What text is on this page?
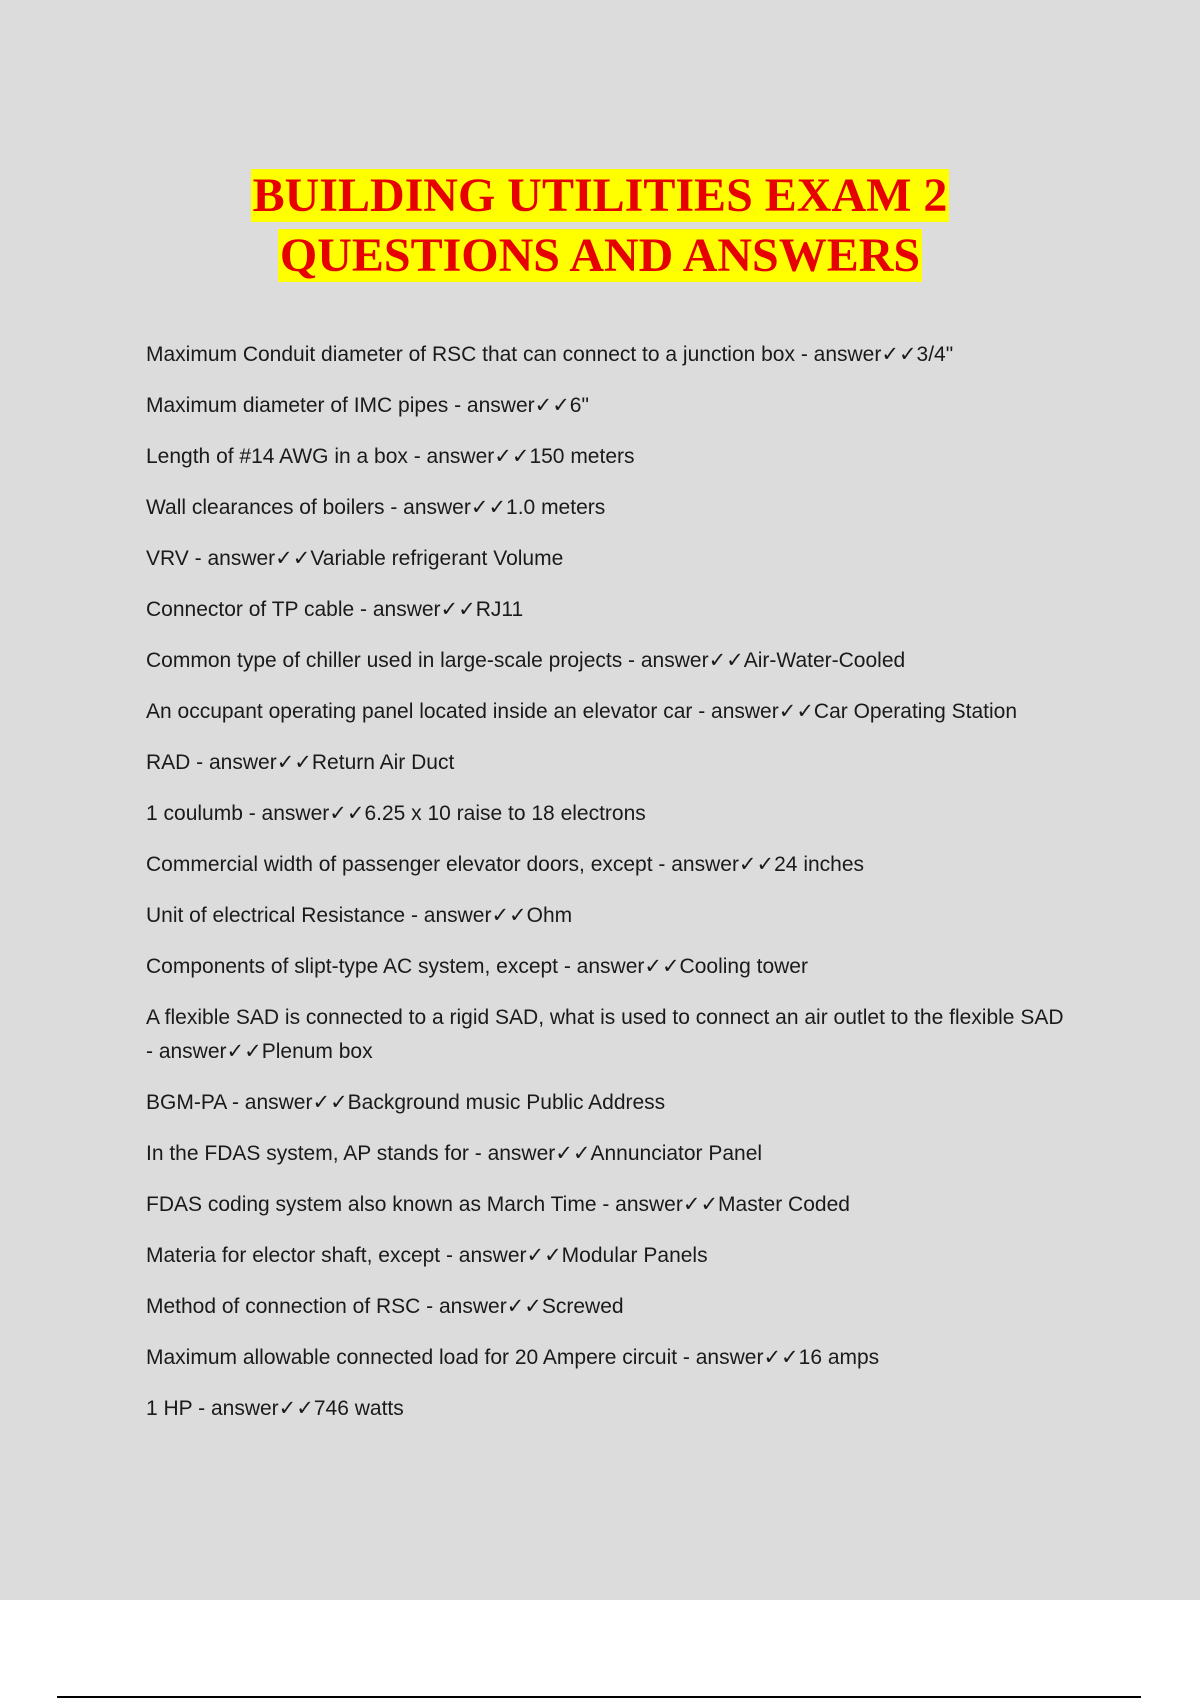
BUILDING UTILITIES EXAM 2
QUESTIONS AND ANSWERS
Maximum Conduit diameter of RSC that can connect to a junction box - answer✓✓3/4"
Maximum diameter of IMC pipes - answer✓✓6"
Length of #14 AWG in a box - answer✓✓150 meters
Wall clearances of boilers - answer✓✓1.0 meters
VRV - answer✓✓Variable refrigerant Volume
Connector of TP cable - answer✓✓RJ11
Common type of chiller used in large-scale projects - answer✓✓Air-Water-Cooled
An occupant operating panel located inside an elevator car - answer✓✓Car Operating Station
RAD - answer✓✓Return Air Duct
1 coulumb - answer✓✓6.25 x 10 raise to 18 electrons
Commercial width of passenger elevator doors, except - answer✓✓24 inches
Unit of electrical Resistance - answer✓✓Ohm
Components of slipt-type AC system, except - answer✓✓Cooling tower
A flexible SAD is connected to a rigid SAD, what is used to connect an air outlet to the flexible SAD - answer✓✓Plenum box
BGM-PA - answer✓✓Background music Public Address
In the FDAS system, AP stands for - answer✓✓Annunciator Panel
FDAS coding system also known as March Time - answer✓✓Master Coded
Materia for elector shaft, except - answer✓✓Modular Panels
Method of connection of RSC - answer✓✓Screwed
Maximum allowable connected load for 20 Ampere circuit - answer✓✓16 amps
1 HP - answer✓✓746 watts
